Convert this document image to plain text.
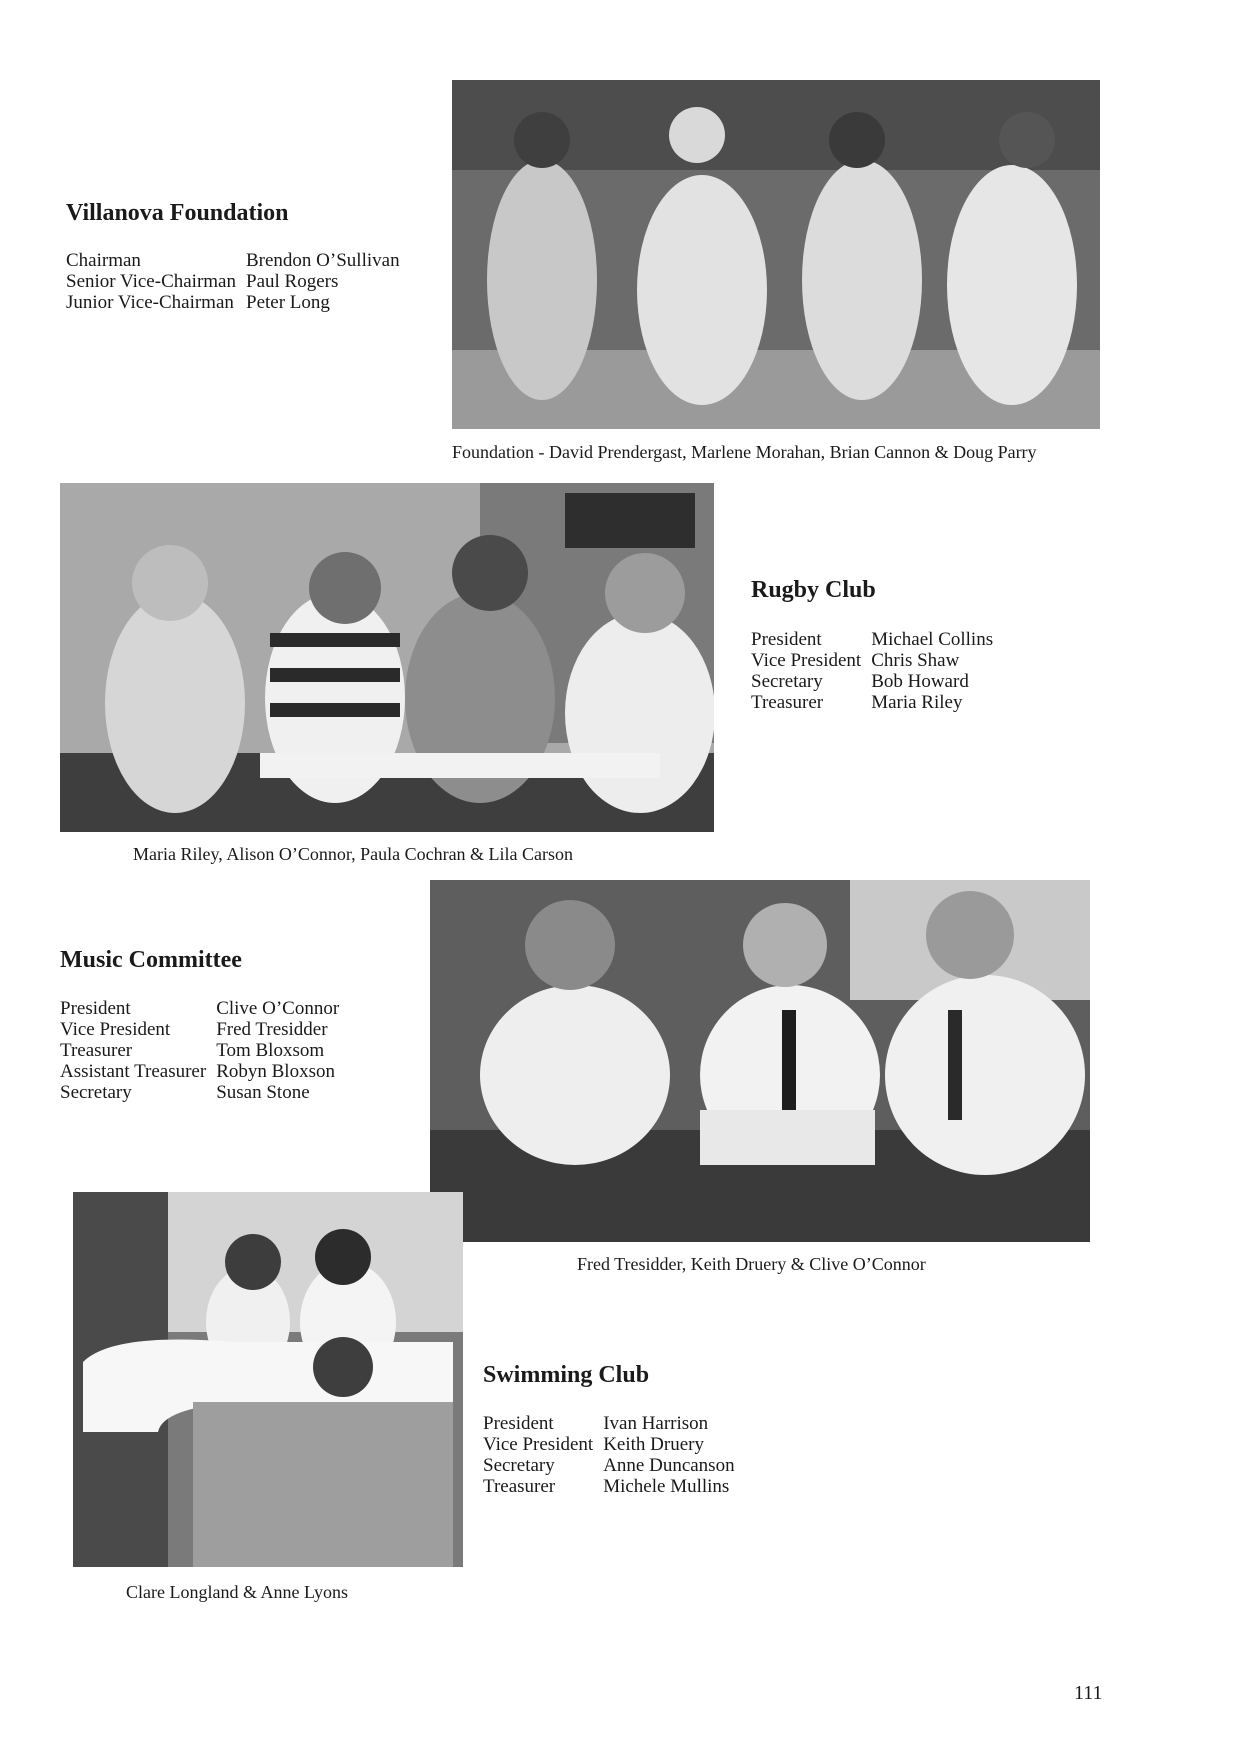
Villanova Foundation
Chairman	Brendon O’Sullivan
Senior Vice-Chairman	Paul Rogers
Junior Vice-Chairman	Peter Long
Foundation - David Prendergast, Marlene Morahan, Brian Cannon & Doug Parry
Rugby Club
President	Michael Collins
Vice President	Chris Shaw
Secretary	Bob Howard
Treasurer	Maria Riley
Maria Riley, Alison O’Connor, Paula Cochran & Lila Carson
Music Committee
President	Clive O’Connor
Vice President	Fred Tresidder
Treasurer	Tom Bloxsom
Assistant Treasurer	Robyn Bloxson
Secretary	Susan Stone
Fred Tresidder, Keith Druery & Clive O’Connor
Swimming Club
President	Ivan Harrison
Vice President	Keith Druery
Secretary	Anne Duncanson
Treasurer	Michele Mullins
Clare Longland & Anne Lyons
111
